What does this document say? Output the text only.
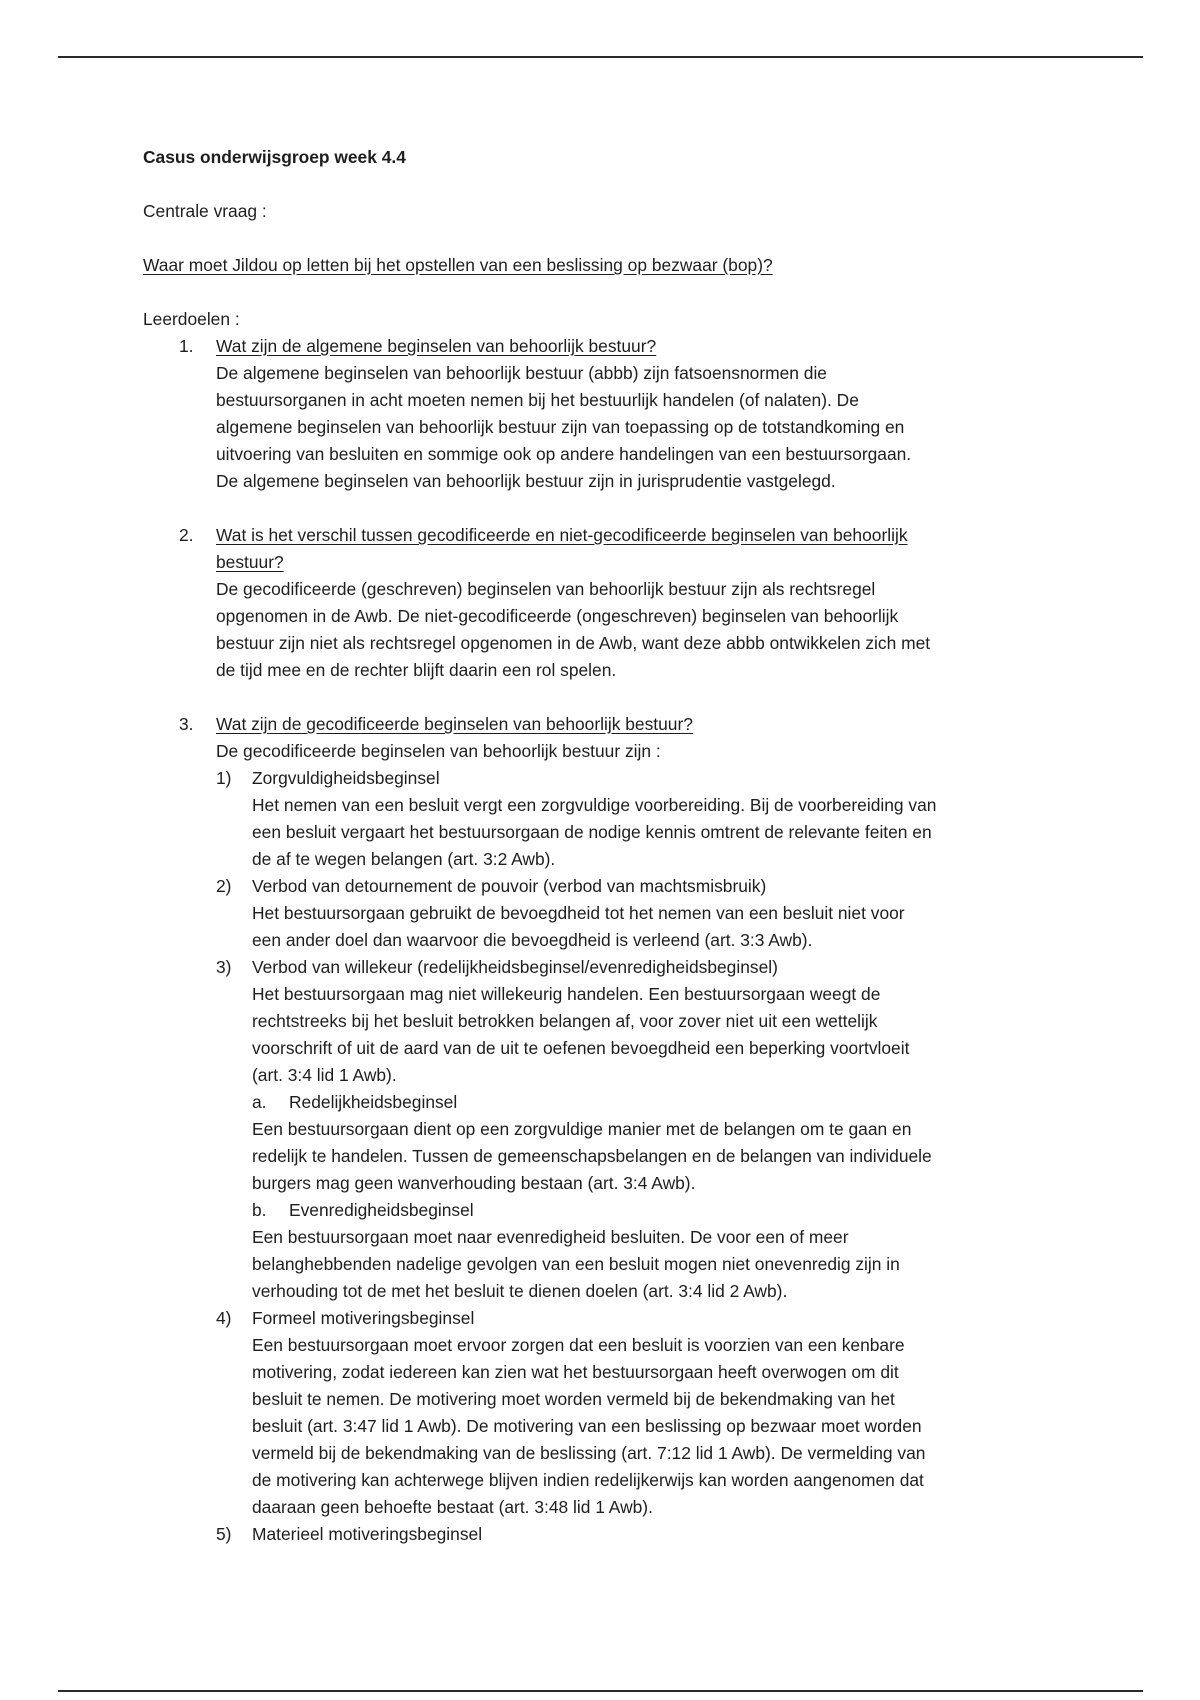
Casus onderwijsgroep week 4.4

Centrale vraag :

Waar moet Jildou op letten bij het opstellen van een beslissing op bezwaar (bop)?

Leerdoelen :

1. Wat zijn de algemene beginselen van behoorlijk bestuur?
De algemene beginselen van behoorlijk bestuur (abbb) zijn fatsoensnormen die
bestuursorganen in acht moeten nemen bij het bestuurlijk handelen (of nalaten). De
algemene beginselen van behoorlijk bestuur zijn van toepassing op de totstandkoming en
uitvoering van besluiten en sommige ook op andere handelingen van een bestuursorgaan.
De algemene beginselen van behoorlijk bestuur zijn in jurisprudentie vastgelegd.
2. Wat is het verschil tussen gecodificeerde en niet-gecodificeerde beginselen van behoorlijk
bestuur?
De gecodificeerde (geschreven) beginselen van behoorlijk bestuur zijn als rechtsregel
opgenomen in de Awb. De niet-gecodificeerde (ongeschreven) beginselen van behoorlijk
bestuur zijn niet als rechtsregel opgenomen in de Awb, want deze abbb ontwikkelen zich met
de tijd mee en de rechter blijft daarin een rol spelen.
3. Wat zijn de gecodificeerde beginselen van behoorlijk bestuur?
De gecodificeerde beginselen van behoorlijk bestuur zijn :
1) Zorgvuldigheidsbeginsel
Het nemen van een besluit vergt een zorgvuldige voorbereiding. Bij de voorbereiding van
een besluit vergaart het bestuursorgaan de nodige kennis omtrent de relevante feiten en
de af te wegen belangen (art. 3:2 Awb).
2) Verbod van detournement de pouvoir (verbod van machtsmisbruik)
Het bestuursorgaan gebruikt de bevoegdheid tot het nemen van een besluit niet voor
een ander doel dan waarvoor die bevoegdheid is verleend (art. 3:3 Awb).
3) Verbod van willekeur (redelijkheidsbeginsel/evenredigheidsbeginsel)
Het bestuursorgaan mag niet willekeurig handelen. Een bestuursorgaan weegt de
rechtstreeks bij het besluit betrokken belangen af, voor zover niet uit een wettelijk
voorschrift of uit de aard van de uit te oefenen bevoegdheid een beperking voortvloeit
(art. 3:4 lid 1 Awb).
a. Redelijkheidsbeginsel
Een bestuursorgaan dient op een zorgvuldige manier met de belangen om te gaan en
redelijk te handelen. Tussen de gemeenschapsbelangen en de belangen van individuele
burgers mag geen wanverhouding bestaan (art. 3:4 Awb).
b. Evenredigheidsbeginsel
Een bestuursorgaan moet naar evenredigheid besluiten. De voor een of meer
belanghebbenden nadelige gevolgen van een besluit mogen niet onevenredig zijn in
verhouding tot de met het besluit te dienen doelen (art. 3:4 lid 2 Awb).
4) Formeel motiveringsbeginsel
Een bestuursorgaan moet ervoor zorgen dat een besluit is voorzien van een kenbare
motivering, zodat iedereen kan zien wat het bestuursorgaan heeft overwogen om dit
besluit te nemen. De motivering moet worden vermeld bij de bekendmaking van het
besluit (art. 3:47 lid 1 Awb). De motivering van een beslissing op bezwaar moet worden
vermeld bij de bekendmaking van de beslissing (art. 7:12 lid 1 Awb). De vermelding van
de motivering kan achterwege blijven indien redelijkerwijs kan worden aangenomen dat
daaraan geen behoefte bestaat (art. 3:48 lid 1 Awb).
5) Materieel motiveringsbeginsel
